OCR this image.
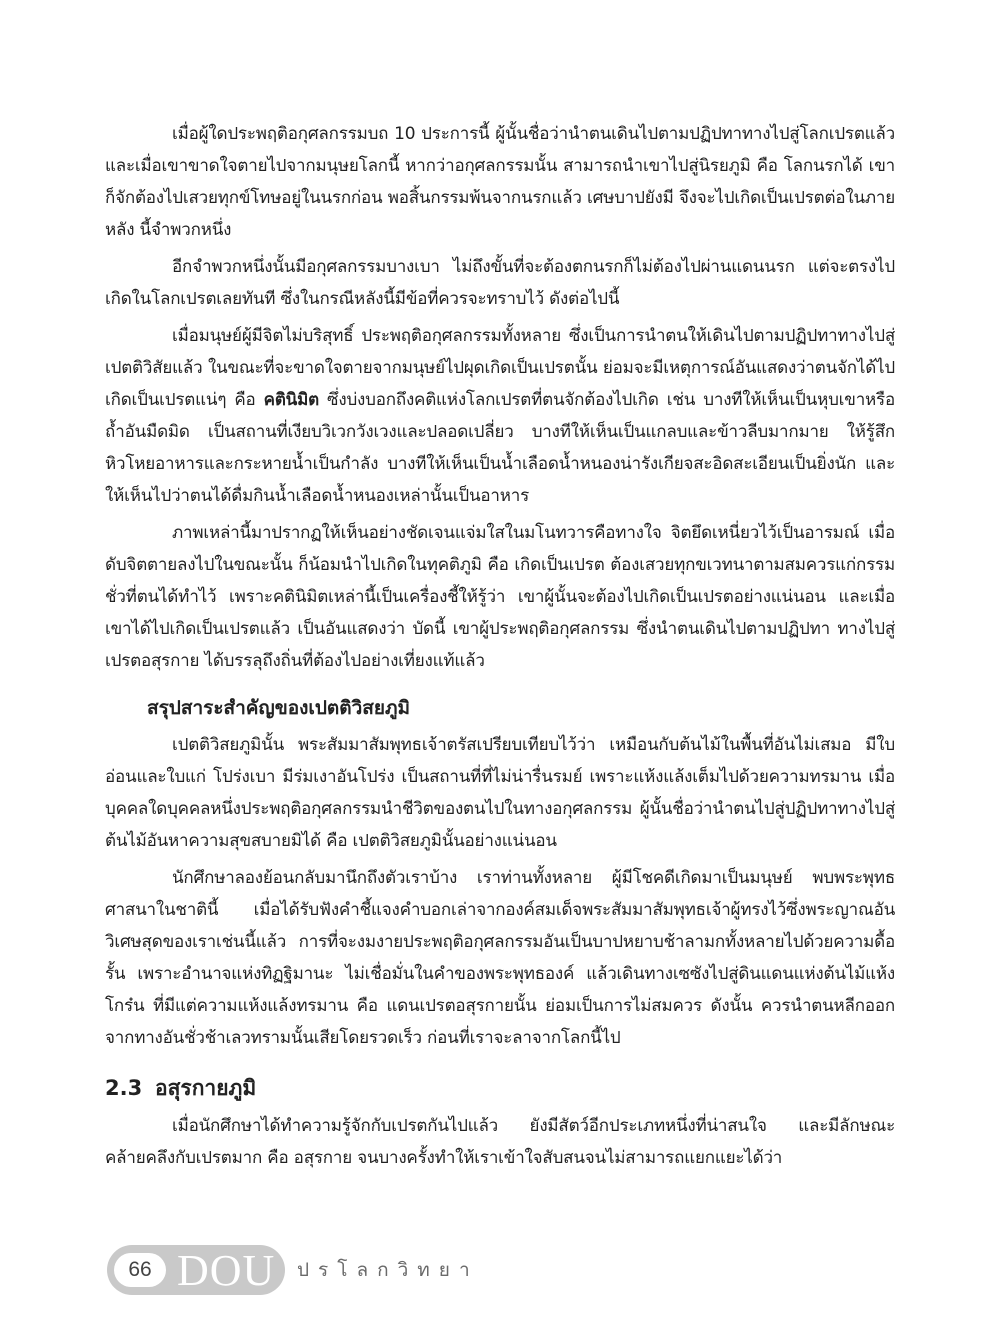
เมื่อผู้ใดประพฤติอกุศลกรรมบถ 10 ประการนี้ ผู้นั้นชื่อว่านำตนเดินไปตามปฏิปทาทางไปสู่โลกเปรตแล้ว และเมื่อเขาขาดใจตายไปจากมนุษยโลกนี้ หากว่าอกุศลกรรมนั้น สามารถนำเขาไปสู่นิรยภูมิ คือ โลกนรกได้ เขาก็จักต้องไปเสวยทุกข์โทษอยู่ในนรกก่อน พอสิ้นกรรมพ้นจากนรกแล้ว เศษบาปยังมี จึงจะไปเกิดเป็นเปรตต่อในภายหลัง นี้จำพวกหนึ่ง

อีกจำพวกหนึ่งนั้นมีอกุศลกรรมบางเบา ไม่ถึงขั้นที่จะต้องตกนรกก็ไม่ต้องไปผ่านแดนนรก แต่จะตรงไปเกิดในโลกเปรตเลยทันที ซึ่งในกรณีหลังนี้มีข้อที่ควรจะทราบไว้ ดังต่อไปนี้

เมื่อมนุษย์ผู้มีจิตไม่บริสุทธิ์ ประพฤติอกุศลกรรมทั้งหลาย ซึ่งเป็นการนำตนให้เดินไปตามปฏิปทาทางไปสู่เปตติวิสัยแล้ว ในขณะที่จะขาดใจตายจากมนุษย์ไปผุดเกิดเป็นเปรตนั้น ย่อมจะมีเหตุการณ์อันแสดงว่าตนจักได้ไปเกิดเป็นเปรตแน่ๆ คือ คตินิมิต ซึ่งบ่งบอกถึงคติแห่งโลกเปรตที่ตนจักต้องไปเกิด เช่น บางทีให้เห็นเป็นหุบเขาหรือถ้ำอันมืดมิด เป็นสถานที่เงียบวิเวกวังเวงและปลอดเปลี่ยว บางทีให้เห็นเป็นแกลบและข้าวลีบมากมาย ให้รู้สึกหิวโหยอาหารและกระหายน้ำเป็นกำลัง บางทีให้เห็นเป็นน้ำเลือดน้ำหนองน่ารังเกียจสะอิดสะเอียนเป็นยิ่งนัก และให้เห็นไปว่าตนได้ดื่มกินน้ำเลือดน้ำหนองเหล่านั้นเป็นอาหาร

ภาพเหล่านี้มาปรากฏให้เห็นอย่างชัดเจนแจ่มใสในมโนทวารคือทางใจ จิตยึดเหนี่ยวไว้เป็นอารมณ์ เมื่อดับจิตตายลงไปในขณะนั้น ก็น้อมนำไปเกิดในทุคติภูมิ คือ เกิดเป็นเปรต ต้องเสวยทุกขเวทนาตามสมควรแก่กรรมชั่วที่ตนได้ทำไว้ เพราะคตินิมิตเหล่านี้เป็นเครื่องชี้ให้รู้ว่า เขาผู้นั้นจะต้องไปเกิดเป็นเปรตอย่างแน่นอน และเมื่อเขาได้ไปเกิดเป็นเปรตแล้ว เป็นอันแสดงว่า บัดนี้ เขาผู้ประพฤติอกุศลกรรม ซึ่งนำตนเดินไปตามปฏิปทา ทางไปสู่เปรตอสุรกาย ได้บรรลุถึงถิ่นที่ต้องไปอย่างเที่ยงแท้แล้ว

สรุปสาระสำคัญของเปตติวิสยภูมิ

เปตติวิสยภูมินั้น พระสัมมาสัมพุทธเจ้าตรัสเปรียบเทียบไว้ว่า เหมือนกับต้นไม้ในพื้นที่อันไม่เสมอ มีใบอ่อนและใบแก่ โปร่งเบา มีร่มเงาอันโปร่ง เป็นสถานที่ที่ไม่น่ารื่นรมย์ เพราะแห้งแล้งเต็มไปด้วยความทรมาน เมื่อบุคคลใดบุคคลหนึ่งประพฤติอกุศลกรรมนำชีวิตของตนไปในทางอกุศลกรรม ผู้นั้นชื่อว่านำตนไปสู่ปฏิปทาทางไปสู่ต้นไม้อันหาความสุขสบายมิได้ คือ เปตติวิสยภูมินั้นอย่างแน่นอน

นักศึกษาลองย้อนกลับมานึกถึงตัวเราบ้าง เราท่านทั้งหลาย ผู้มีโชคดีเกิดมาเป็นมนุษย์ พบพระพุทธศาสนาในชาตินี้ เมื่อได้รับฟังคำชี้แจงคำบอกเล่าจากองค์สมเด็จพระสัมมาสัมพุทธเจ้าผู้ทรงไว้ซึ่งพระญาณอันวิเศษสุดของเราเช่นนี้แล้ว การที่จะงมงายประพฤติอกุศลกรรมอันเป็นบาปหยาบช้าลามกทั้งหลายไปด้วยความดื้อรั้น เพราะอำนาจแห่งทิฏฐิมานะ ไม่เชื่อมั่นในคำของพระพุทธองค์ แล้วเดินทางเซซังไปสู่ดินแดนแห่งต้นไม้แห้งโกร๋น ที่มีแต่ความแห้งแล้งทรมาน คือ แดนเปรตอสุรกายนั้น ย่อมเป็นการไม่สมควร ดังนั้น ควรนำตนหลีกออกจากทางอันชั่วช้าเลวทรามนั้นเสียโดยรวดเร็ว ก่อนที่เราจะลาจากโลกนี้ไป

2.3 อสุรกายภูมิ

เมื่อนักศึกษาได้ทำความรู้จักกับเปรตกันไปแล้ว ยังมีสัตว์อีกประเภทหนึ่งที่น่าสนใจ และมีลักษณะคล้ายคลึงกับเปรตมาก คือ อสุรกาย จนบางครั้งทำให้เราเข้าใจสับสนจนไม่สามารถแยกแยะได้ว่า

66 DOU ปรโลกวิทยา
